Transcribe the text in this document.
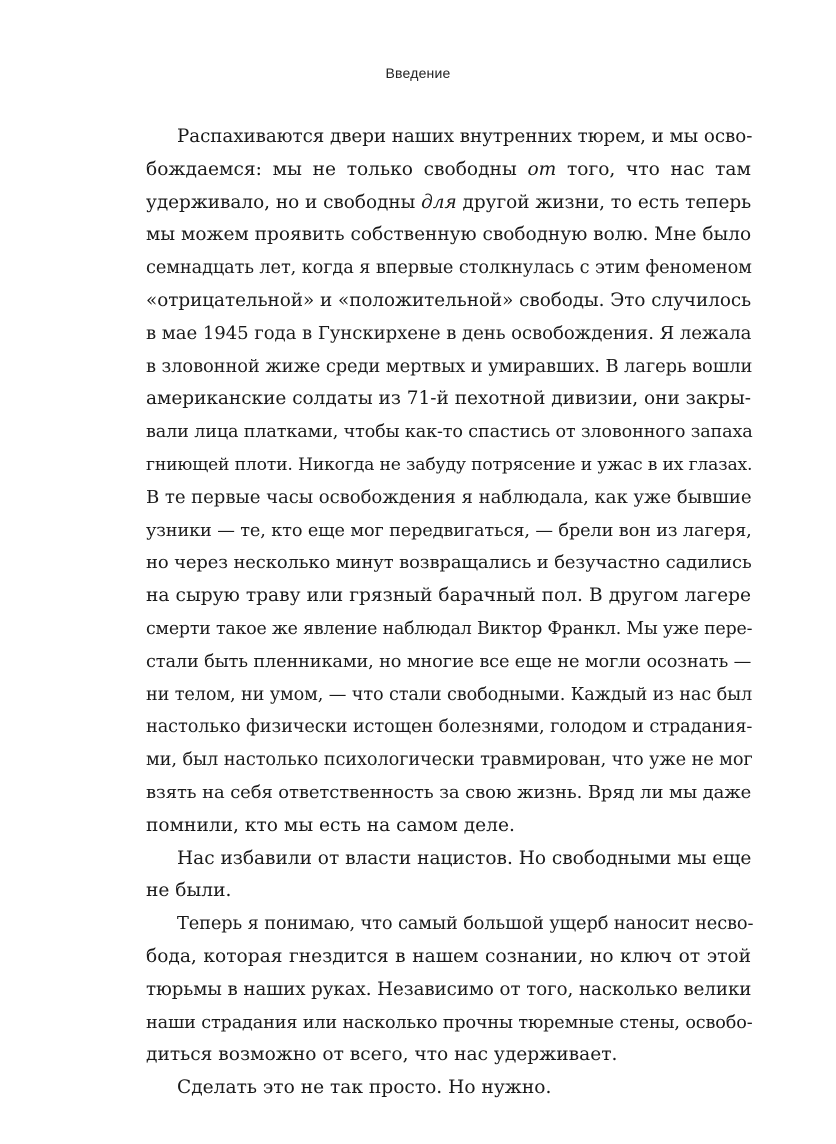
Введение
Распахиваются двери наших внутренних тюрем, и мы осво-
бождаемся: мы не только свободны от того, что нас там
удерживало, но и свободны для другой жизни, то есть теперь
мы можем проявить собственную свободную волю. Мне было
семнадцать лет, когда я впервые столкнулась с этим феноменом
«отрицательной» и «положительной» свободы. Это случилось
в мае 1945 года в Гунскирхене в день освобождения. Я лежала
в зловонной жиже среди мертвых и умиравших. В лагерь вошли
американские солдаты из 71-й пехотной дивизии, они закры-
вали лица платками, чтобы как-то спастись от зловонного запаха
гниющей плоти. Никогда не забуду потрясение и ужас в их глазах.
В те первые часы освобождения я наблюдала, как уже бывшие
узники — те, кто еще мог передвигаться, — брели вон из лагеря,
но через несколько минут возвращались и безучастно садились
на сырую траву или грязный барачный пол. В другом лагере
смерти такое же явление наблюдал Виктор Франкл. Мы уже пере-
стали быть пленниками, но многие все еще не могли осознать —
ни телом, ни умом, — что стали свободными. Каждый из нас был
настолько физически истощен болезнями, голодом и страдания-
ми, был настолько психологически травмирован, что уже не мог
взять на себя ответственность за свою жизнь. Вряд ли мы даже
помнили, кто мы есть на самом деле.
Нас избавили от власти нацистов. Но свободными мы еще
не были.
Теперь я понимаю, что самый большой ущерб наносит несво-
бода, которая гнездится в нашем сознании, но ключ от этой
тюрьмы в наших руках. Независимо от того, насколько велики
наши страдания или насколько прочны тюремные стены, освобо-
диться возможно от всего, что нас удерживает.
Сделать это не так просто. Но нужно.
